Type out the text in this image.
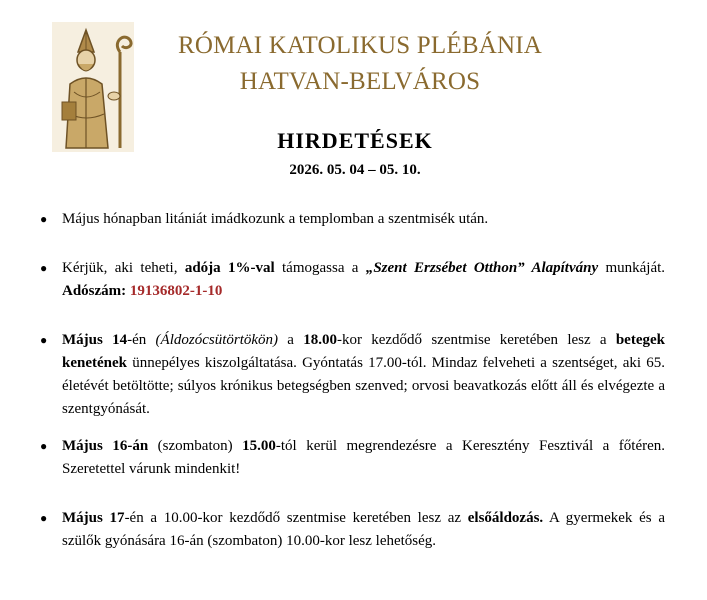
RÓMAI KATOLIKUS PLÉBÁNIA
HATVAN-BELVÁROS
HIRDETÉSEK
2026. 05. 04 – 05. 10.
● Május hónapban litániát imádkozunk a templomban a szentmisék után.
● Kérjük, aki teheti, adója 1%-val támogassa a „Szent Erzsébet Otthon” Alapítvány munkáját. Adószám: 19136802-1-10
● Május 14-én (Áldozócsütörtökön) a 18.00-kor kezdődő szentmise keretében lesz a betegek kenetének ünnepélyes kiszolgáltatása. Gyóntatás 17.00-tól. Mindaz felveheti a szentséget, aki 65. életévét betöltötte; súlyos krónikus betegségben szenved; orvosi beavatkozás előtt áll és elvégezte a szentgyónását.
● Május 16-án (szombaton) 15.00-tól kerül megrendezésre a Keresztény Fesztivál a főtéren. Szeretettel várunk mindenkit!
● Május 17-én a 10.00-kor kezdődő szentmise keretében lesz az elsőáldozás. A gyermekek és a szülők gyónására 16-án (szombaton) 10.00-kor lesz lehetőség.
